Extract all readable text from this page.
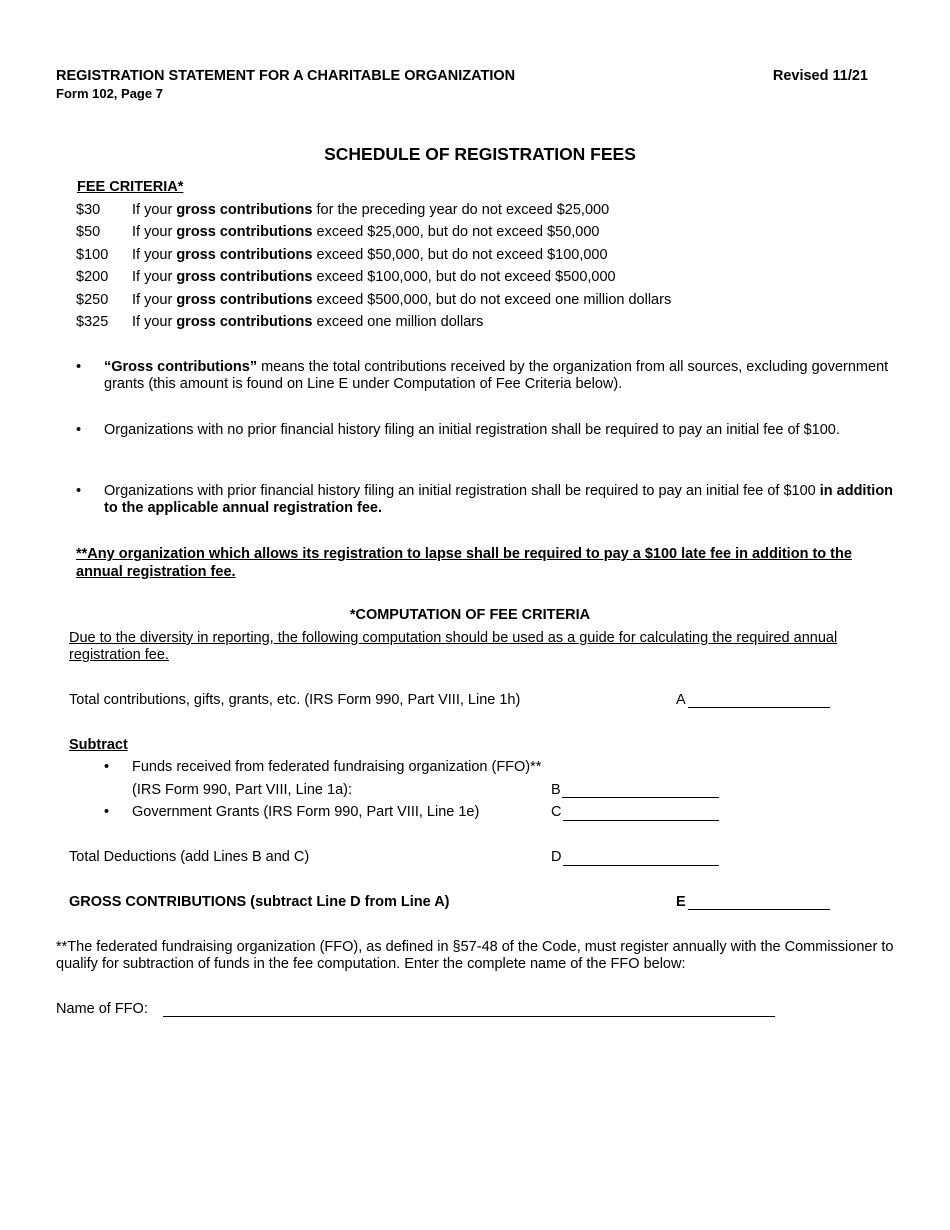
REGISTRATION STATEMENT FOR A CHARITABLE ORGANIZATION
Form 102, Page 7
Revised 11/21
SCHEDULE OF REGISTRATION FEES
FEE CRITERIA*
$30 If your gross contributions for the preceding year do not exceed $25,000
$50 If your gross contributions exceed $25,000, but do not exceed $50,000
$100 If your gross contributions exceed $50,000, but do not exceed $100,000
$200 If your gross contributions exceed $100,000, but do not exceed $500,000
$250 If your gross contributions exceed $500,000, but do not exceed one million dollars
$325 If your gross contributions exceed one million dollars
• “Gross contributions” means the total contributions received by the organization from all sources, excluding government grants (this amount is found on Line E under Computation of Fee Criteria below).
• Organizations with no prior financial history filing an initial registration shall be required to pay an initial fee of $100.
• Organizations with prior financial history filing an initial registration shall be required to pay an initial fee of $100 in addition to the applicable annual registration fee.
**Any organization which allows its registration to lapse shall be required to pay a $100 late fee in addition to the annual registration fee.
*COMPUTATION OF FEE CRITERIA
Due to the diversity in reporting, the following computation should be used as a guide for calculating the required annual registration fee.
Total contributions, gifts, grants, etc. (IRS Form 990, Part VIII, Line 1h)	A
Subtract
• Funds received from federated fundraising organization (FFO)**
(IRS Form 990, Part VIII, Line 1a):	B
• Government Grants (IRS Form 990, Part VIII, Line 1e)	C
Total Deductions (add Lines B and C)	D
GROSS CONTRIBUTIONS (subtract Line D from Line A)	E
**The federated fundraising organization (FFO), as defined in §57-48 of the Code, must register annually with the Commissioner to qualify for subtraction of funds in the fee computation. Enter the complete name of the FFO below:
Name of FFO:
